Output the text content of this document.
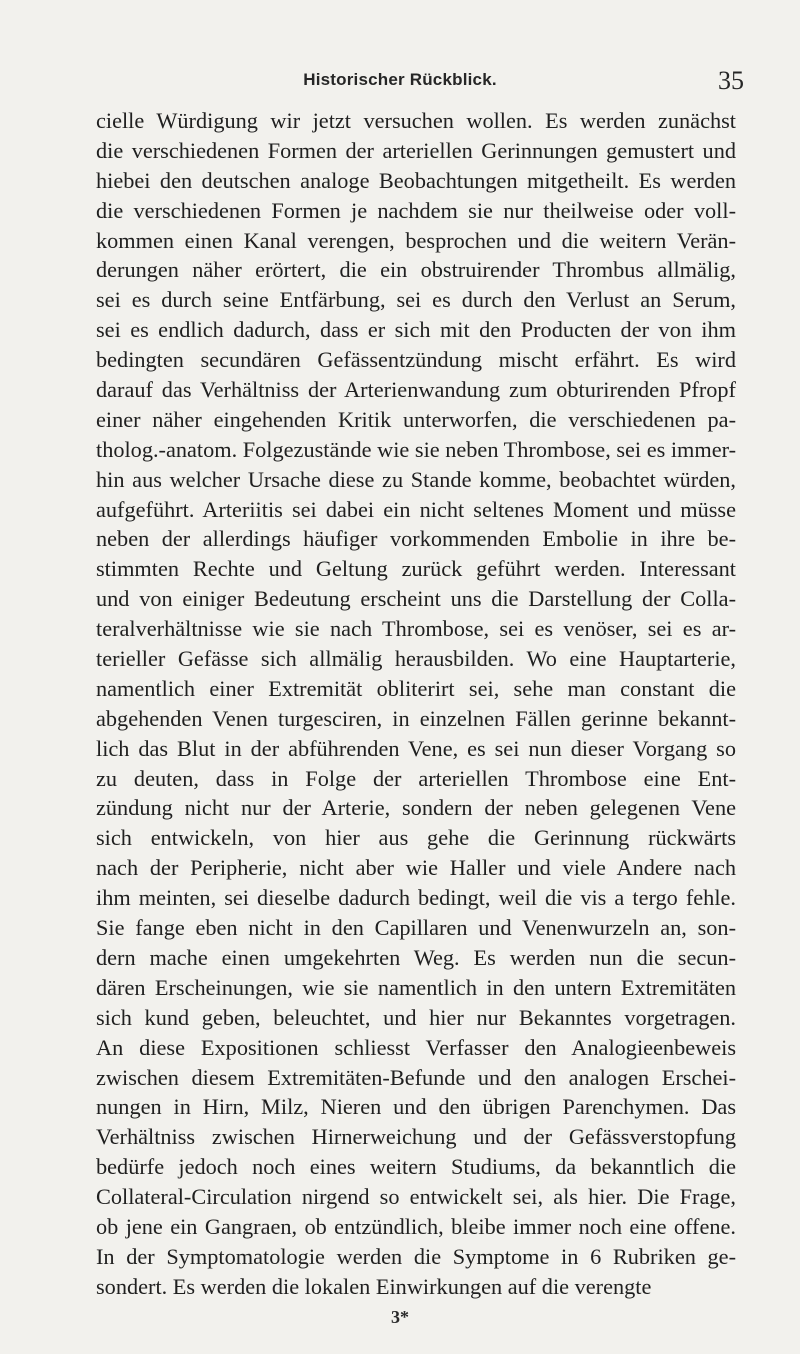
Historischer Rückblick.	35
cielle Würdigung wir jetzt versuchen wollen. Es werden zunächst
die verschiedenen Formen der arteriellen Gerinnungen gemustert und
hiebei den deutschen analoge Beobachtungen mitgetheilt. Es werden
die verschiedenen Formen je nachdem sie nur theilweise oder voll-
kommen einen Kanal verengen, besprochen und die weitern Verän-
derungen näher erörtert, die ein obstruirender Thrombus allmälig,
sei es durch seine Entfärbung, sei es durch den Verlust an Serum,
sei es endlich dadurch, dass er sich mit den Producten der von ihm
bedingten secundären Gefässentzündung mischt erfährt. Es wird
darauf das Verhältniss der Arterienwandung zum obturirenden Pfropf
einer näher eingehenden Kritik unterworfen, die verschiedenen pa-
tholog.-anatom. Folgezustände wie sie neben Thrombose, sei es immer-
hin aus welcher Ursache diese zu Stande komme, beobachtet würden,
aufgeführt. Arteriitis sei dabei ein nicht seltenes Moment und müsse
neben der allerdings häufiger vorkommenden Embolie in ihre be-
stimmten Rechte und Geltung zurück geführt werden. Interessant
und von einiger Bedeutung erscheint uns die Darstellung der Colla-
teralverhältnisse wie sie nach Thrombose, sei es venöser, sei es ar-
terieller Gefässe sich allmälig herausbilden. Wo eine Hauptarterie,
namentlich einer Extremität obliterirt sei, sehe man constant die
abgehenden Venen turgesciren, in einzelnen Fällen gerinne bekannt-
lich das Blut in der abführenden Vene, es sei nun dieser Vorgang so
zu deuten, dass in Folge der arteriellen Thrombose eine Ent-
zündung nicht nur der Arterie, sondern der neben gelegenen Vene
sich entwickeln, von hier aus gehe die Gerinnung rückwärts
nach der Peripherie, nicht aber wie Haller und viele Andere nach
ihm meinten, sei dieselbe dadurch bedingt, weil die vis a tergo fehle.
Sie fange eben nicht in den Capillaren und Venenwurzeln an, son-
dern mache einen umgekehrten Weg. Es werden nun die secun-
dären Erscheinungen, wie sie namentlich in den untern Extremitäten
sich kund geben, beleuchtet, und hier nur Bekanntes vorgetragen.
An diese Expositionen schliesst Verfasser den Analogieenbeweis
zwischen diesem Extremitäten-Befunde und den analogen Erschei-
nungen in Hirn, Milz, Nieren und den übrigen Parenchymen. Das
Verhältniss zwischen Hirnerweichung und der Gefässverstopfung
bedürfe jedoch noch eines weitern Studiums, da bekanntlich die
Collateral-Circulation nirgend so entwickelt sei, als hier. Die Frage,
ob jene ein Gangraen, ob entzündlich, bleibe immer noch eine offene.
In der Symptomatologie werden die Symptome in 6 Rubriken ge-
sondert. Es werden die lokalen Einwirkungen auf die verengte
3*
